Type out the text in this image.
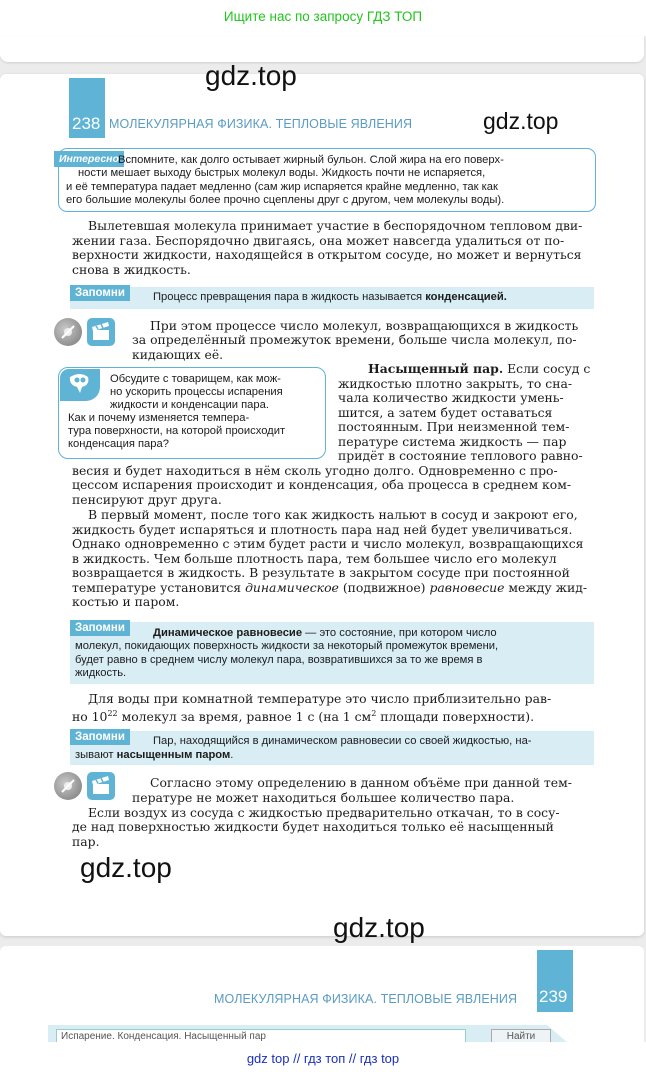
Ищите нас по запросу ГДЗ ТОП
gdz.top
gdz.top
238 МОЛЕКУЛЯРНАЯ ФИЗИКА. ТЕПЛОВЫЕ ЯВЛЕНИЯ
Интересно Вспомните, как долго остывает жирный бульон. Слой жира на его поверх-
ности мешает выходу быстрых молекул воды. Жидкость почти не испаряется,
и её температура падает медленно (сам жир испаряется крайне медленно, так как
его большие молекулы более прочно сцеплены друг с другом, чем молекулы воды).
Вылетевшая молекула принимает участие в беспорядочном тепловом дви-
жении газа. Беспорядочно двигаясь, она может навсегда удалиться от по-
верхности жидкости, находящейся в открытом сосуде, но может и вернуться
снова в жидкость.
Запомни	Процесс превращения пара в жидкость называется конденсацией.
При этом процессе число молекул, возвращающихся в жидкость
за определённый промежуток времени, больше числа молекул, по-
кидающих её.
Обсудите с товарищем, как мож-
но ускорить процессы испарения
жидкости и конденсации пара.
Как и почему изменяется темпера-
тура поверхности, на которой происходит
конденсация пара?
Насыщенный пар. Если сосуд с
жидкостью плотно закрыть, то сна-
чала количество жидкости умень-
шится, а затем будет оставаться
постоянным. При неизменной тем-
пературе система жидкость — пар
придёт в состояние теплового равно-
весия и будет находиться в нём сколь угодно долго. Одновременно с про-
цессом испарения происходит и конденсация, оба процесса в среднем ком-
пенсируют друг друга.
В первый момент, после того как жидкость нальют в сосуд и закроют его,
жидкость будет испаряться и плотность пара над ней будет увеличиваться.
Однако одновременно с этим будет расти и число молекул, возвращающихся
в жидкость. Чем больше плотность пара, тем большее число его молекул
возвращается в жидкость. В результате в закрытом сосуде при постоянной
температуре установится динамическое (подвижное) равновесие между жид-
костью и паром.
Запомни	Динамическое равновесие — это состояние, при котором число
молекул, покидающих поверхность жидкости за некоторый промежуток времени,
будет равно в среднем числу молекул пара, возвратившихся за то же время в
жидкость.
Для воды при комнатной температуре это число приблизительно рав-
но $10^{22}$ молекул за время, равное 1 с (на 1 $см^2$ площади поверхности).
Запомни	Пар, находящийся в динамическом равновесии со своей жидкостью, на-
зывают насыщенным паром.
Согласно этому определению в данном объёме при данной тем-
пературе не может находиться большее количество пара.
Если воздух из сосуда с жидкостью предварительно откачан, то в сосу-
де над поверхностью жидкости будет находиться только её насыщенный
пар.
gdz.top
gdz.top
239
МОЛЕКУЛЯРНАЯ ФИЗИКА. ТЕПЛОВЫЕ ЯВЛЕНИЯ
Испарение. Конденсация. Насыщенный пар	Найти
gdz top // гдз топ // гдз top
